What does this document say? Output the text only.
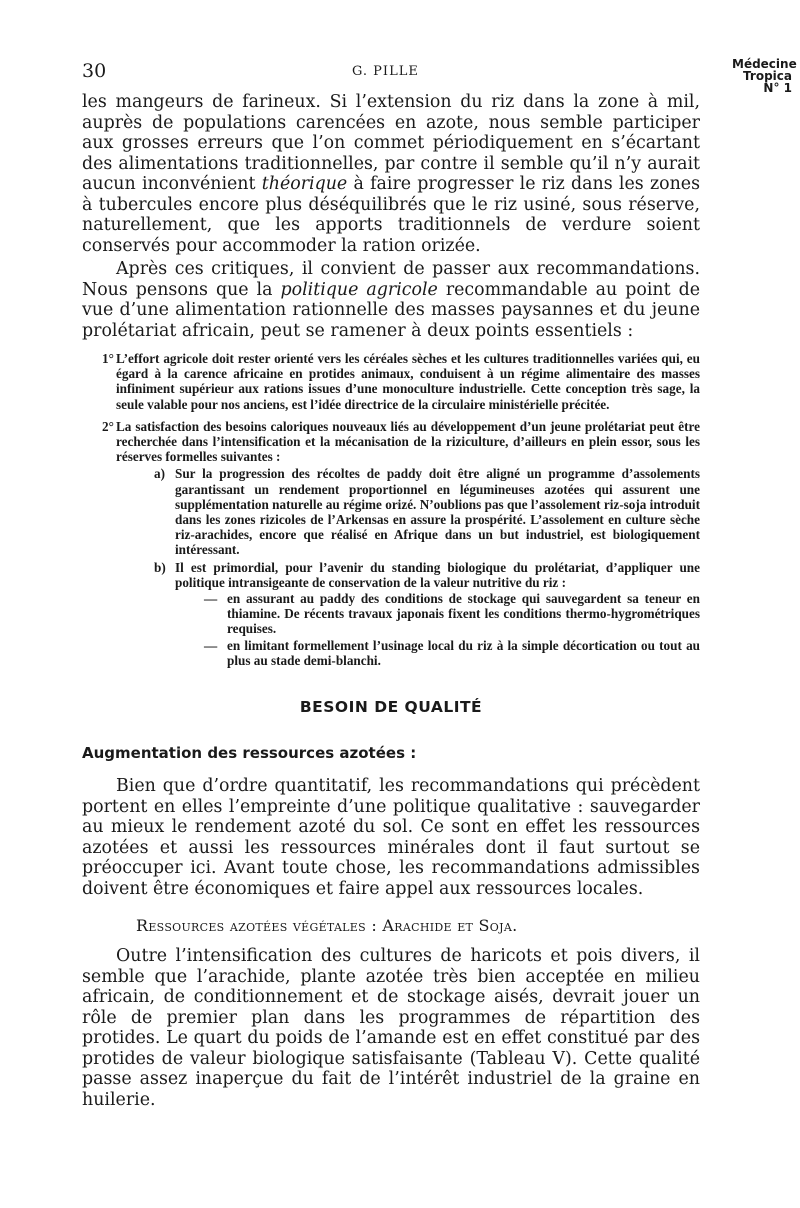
30	G. PILLE	Médecine
Tropica
N° 1

les mangeurs de farineux. Si l’extension du riz dans la zone à mil, auprès de populations carencées en azote, nous semble participer aux grosses erreurs que l’on commet périodiquement en s’écartant des alimentations traditionnelles, par contre il semble qu’il n’y aurait aucun inconvénient théorique à faire progresser le riz dans les zones à tubercules encore plus déséquilibrés que le riz usiné, sous réserve, naturellement, que les apports traditionnels de verdure soient conservés pour accommoder la ration orizée.

Après ces critiques, il convient de passer aux recommandations. Nous pensons que la politique agricole recommandable au point de vue d’une alimentation rationnelle des masses paysannes et du jeune prolétariat africain, peut se ramener à deux points essentiels :

1° L’effort agricole doit rester orienté vers les céréales sèches et les cultures traditionnelles variées qui, eu égard à la carence africaine en protides animaux, conduisent à un régime alimentaire des masses infiniment supérieur aux rations issues d’une monoculture industrielle. Cette conception très sage, la seule valable pour nos anciens, est l’idée directrice de la circulaire ministérielle précitée.
2° La satisfaction des besoins caloriques nouveaux liés au développement d’un jeune prolétariat peut être recherchée dans l’intensification et la mécanisation de la riziculture, d’ailleurs en plein essor, sous les réserves formelles suivantes :
a) Sur la progression des récoltes de paddy doit être aligné un programme d’assolements garantissant un rendement proportionnel en légumineuses azotées qui assurent une supplémentation naturelle au régime orizé. N’oublions pas que l’assolement riz-soja introduit dans les zones rizicoles de l’Arkensas en assure la prospérité. L’assolement en culture sèche riz-arachides, encore que réalisé en Afrique dans un but industriel, est biologiquement intéressant.
b) Il est primordial, pour l’avenir du standing biologique du prolétariat, d’appliquer une politique intransigeante de conservation de la valeur nutritive du riz :
— en assurant au paddy des conditions de stockage qui sauvegardent sa teneur en thiamine. De récents travaux japonais fixent les conditions thermo-hygrométriques requises.
— en limitant formellement l’usinage local du riz à la simple décortication ou tout au plus au stade demi-blanchi.
BESOIN DE QUALITÉ
Augmentation des ressources azotées :

Bien que d’ordre quantitatif, les recommandations qui précèdent portent en elles l’empreinte d’une politique qualitative : sauvegarder au mieux le rendement azoté du sol. Ce sont en effet les ressources azotées et aussi les ressources minérales dont il faut surtout se préoccuper ici. Avant toute chose, les recommandations admissibles doivent être économiques et faire appel aux ressources locales.

Ressources azotées végétales : Arachide et Soja.

Outre l’intensification des cultures de haricots et pois divers, il semble que l’arachide, plante azotée très bien acceptée en milieu africain, de conditionnement et de stockage aisés, devrait jouer un rôle de premier plan dans les programmes de répartition des protides. Le quart du poids de l’amande est en effet constitué par des protides de valeur biologique satisfaisante (Tableau V). Cette qualité passe assez inaperçue du fait de l’intérêt industriel de la graine en huilerie.
